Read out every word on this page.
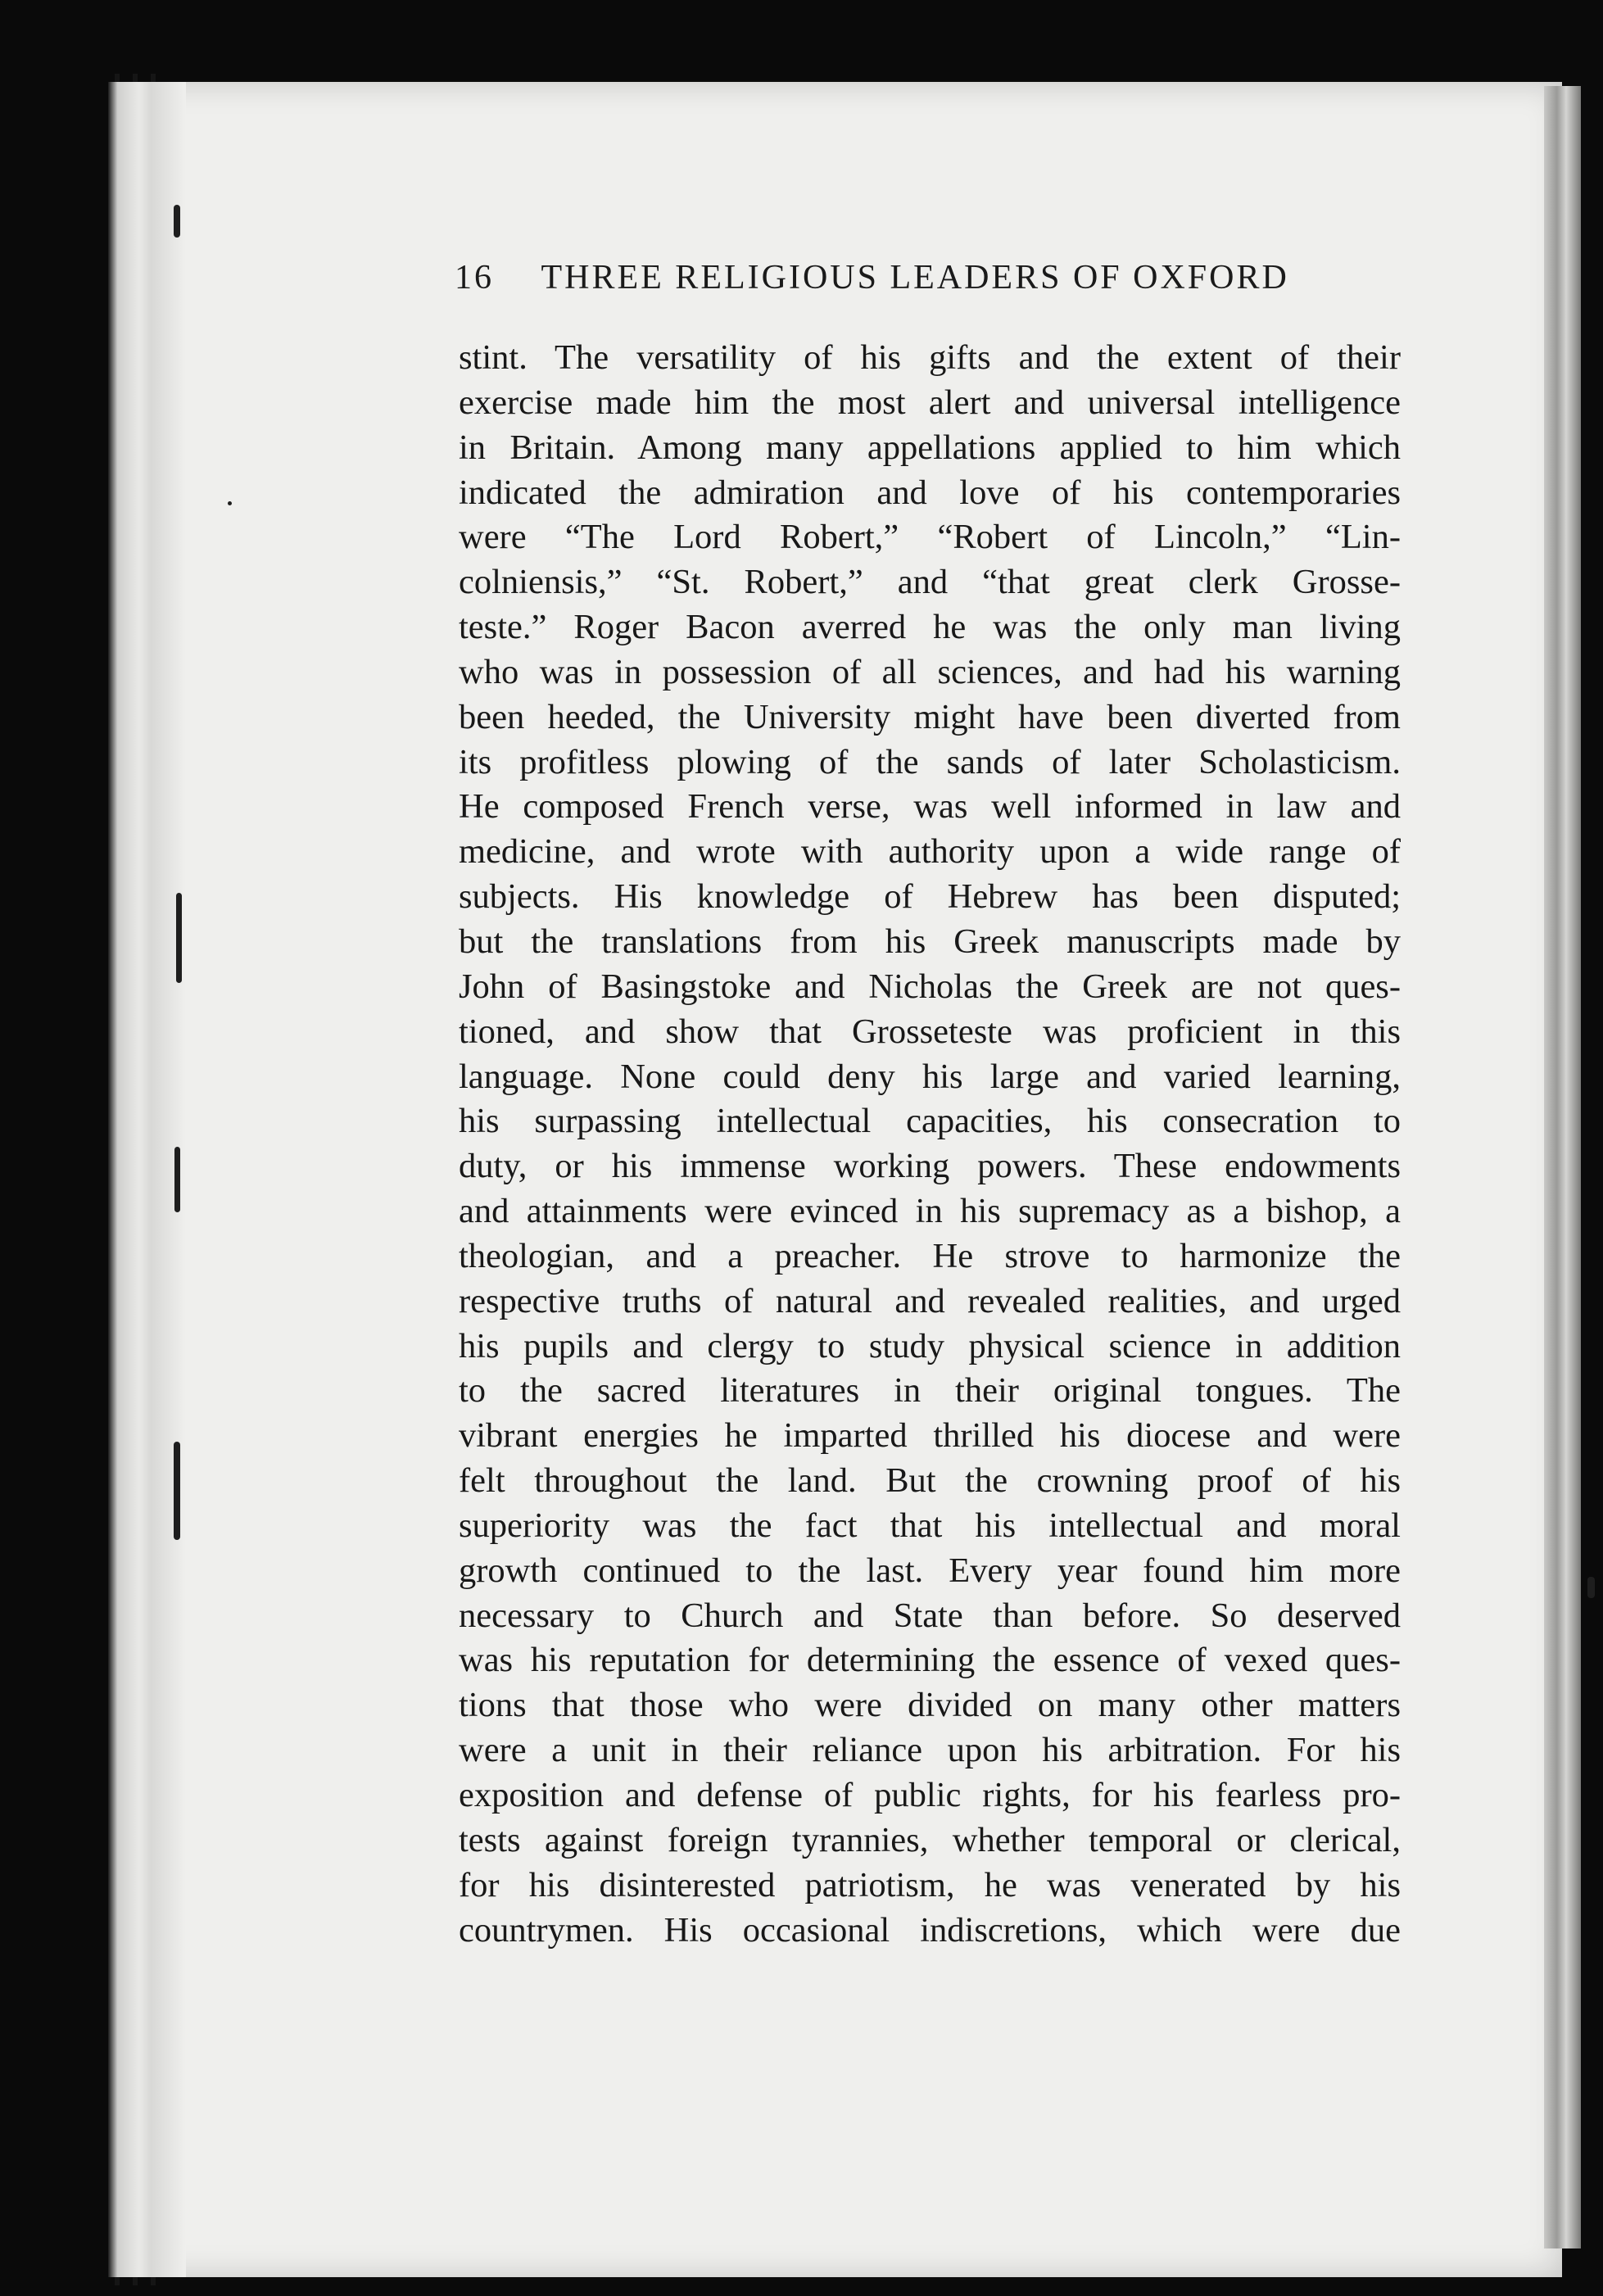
16 THREE RELIGIOUS LEADERS OF OXFORD
stint. The versatility of his gifts and the extent of their
exercise made him the most alert and universal intelligence
in Britain. Among many appellations applied to him which
indicated the admiration and love of his contemporaries
were “The Lord Robert,” “Robert of Lincoln,” “Lin-
colniensis,” “St. Robert,” and “that great clerk Grosse-
teste.” Roger Bacon averred he was the only man living
who was in possession of all sciences, and had his warning
been heeded, the University might have been diverted from
its profitless plowing of the sands of later Scholasticism.
He composed French verse, was well informed in law and
medicine, and wrote with authority upon a wide range of
subjects. His knowledge of Hebrew has been disputed;
but the translations from his Greek manuscripts made by
John of Basingstoke and Nicholas the Greek are not ques-
tioned, and show that Grosseteste was proficient in this
language. None could deny his large and varied learning,
his surpassing intellectual capacities, his consecration to
duty, or his immense working powers. These endowments
and attainments were evinced in his supremacy as a bishop, a
theologian, and a preacher. He strove to harmonize the
respective truths of natural and revealed realities, and urged
his pupils and clergy to study physical science in addition
to the sacred literatures in their original tongues. The
vibrant energies he imparted thrilled his diocese and were
felt throughout the land. But the crowning proof of his
superiority was the fact that his intellectual and moral
growth continued to the last. Every year found him more
necessary to Church and State than before. So deserved
was his reputation for determining the essence of vexed ques-
tions that those who were divided on many other matters
were a unit in their reliance upon his arbitration. For his
exposition and defense of public rights, for his fearless pro-
tests against foreign tyrannies, whether temporal or clerical,
for his disinterested patriotism, he was venerated by his
countrymen. His occasional indiscretions, which were due
